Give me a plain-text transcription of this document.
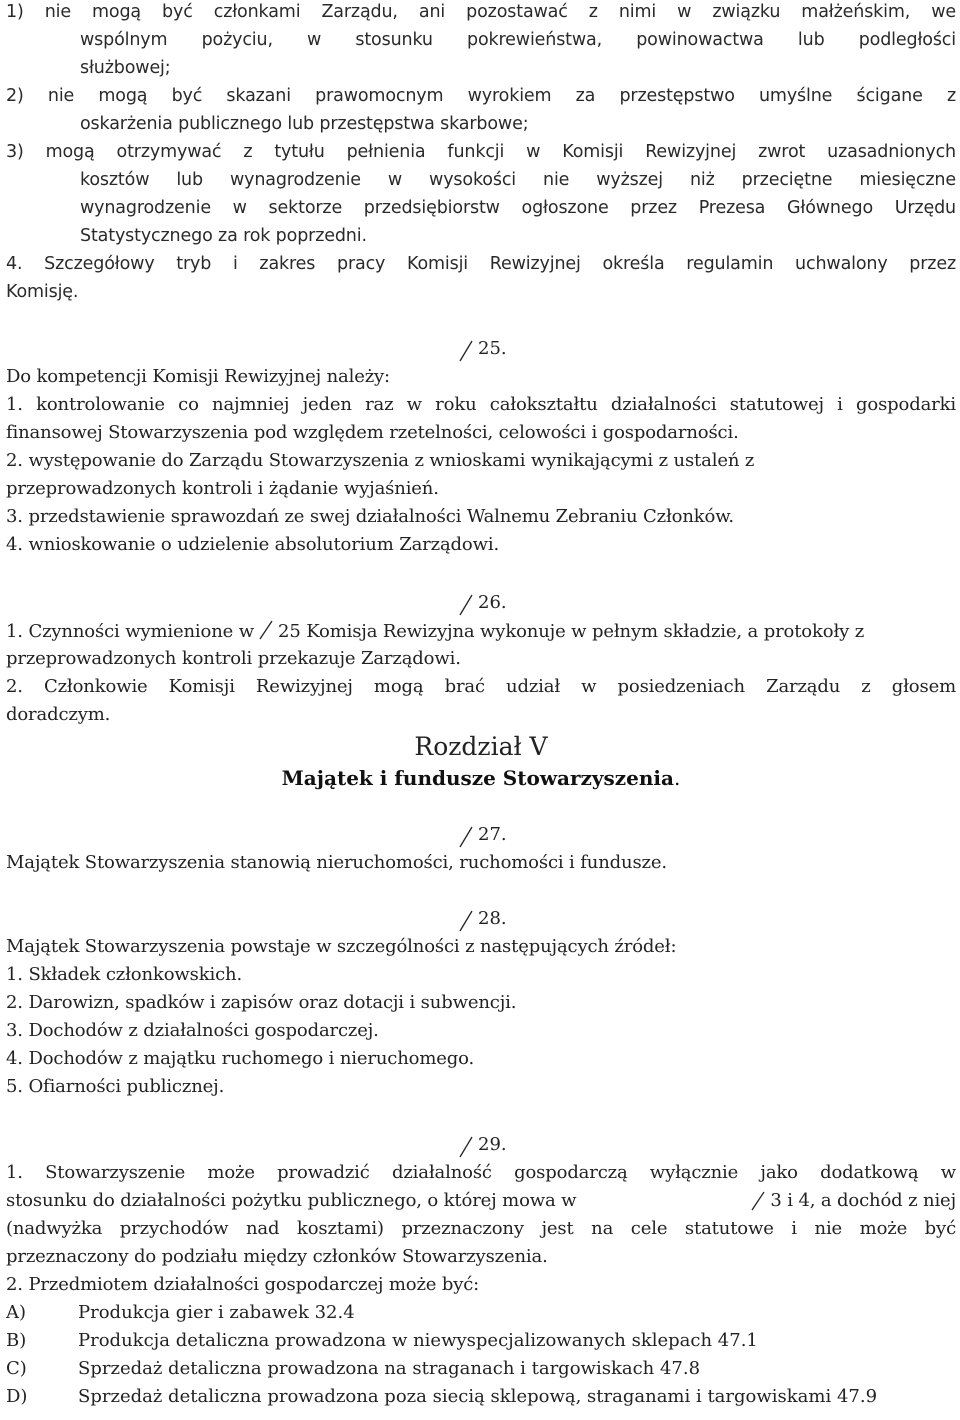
1) nie mogą być członkami Zarządu, ani pozostawać z nimi w związku małżeńskim, we
wspólnym pożyciu, w stosunku pokrewieństwa, powinowactwa lub podległości
służbowej;
2) nie mogą być skazani prawomocnym wyrokiem za przestępstwo umyślne ścigane z
oskarżenia publicznego lub przestępstwa skarbowe;
3) mogą otrzymywać z tytułu pełnienia funkcji w Komisji Rewizyjnej zwrot uzasadnionych
kosztów lub wynagrodzenie w wysokości nie wyższej niż przeciętne miesięczne
wynagrodzenie w sektorze przedsiębiorstw ogłoszone przez Prezesa Głównego Urzędu
Statystycznego za rok poprzedni.
4. Szczegółowy tryb i zakres pracy Komisji Rewizyjnej określa regulamin uchwalony przez
Komisję.
25.
Do kompetencji Komisji Rewizyjnej należy:
1. kontrolowanie co najmniej jeden raz w roku całokształtu działalności statutowej i gospodarki
finansowej Stowarzyszenia pod względem rzetelności, celowości i gospodarności.
2. występowanie do Zarządu Stowarzyszenia z wnioskami wynikającymi z ustaleń z
przeprowadzonych kontroli i żądanie wyjaśnień.
3. przedstawienie sprawozdań ze swej działalności Walnemu Zebraniu Członków.
4. wnioskowanie o udzielenie absolutorium Zarządowi.
26.
1. Czynności wymienione w 25 Komisja Rewizyjna wykonuje w pełnym składzie, a protokoły z
przeprowadzonych kontroli przekazuje Zarządowi.
2. Członkowie Komisji Rewizyjnej mogą brać udział w posiedzeniach Zarządu z głosem
doradczym.
Rozdział V
Majątek i fundusze Stowarzyszenia.
27.
Majątek Stowarzyszenia stanowią nieruchomości, ruchomości i fundusze.
28.
Majątek Stowarzyszenia powstaje w szczególności z następujących źródeł:
1. Składek członkowskich.
2. Darowizn, spadków i zapisów oraz dotacji i subwencji.
3. Dochodów z działalności gospodarczej.
4. Dochodów z majątku ruchomego i nieruchomego.
5. Ofiarności publicznej.
29.
1. Stowarzyszenie może prowadzić działalność gospodarczą wyłącznie jako dodatkową w
stosunku do działalności pożytku publicznego, o której mowa w	3 i 4, a dochód z niej
(nadwyżka przychodów nad kosztami) przeznaczony jest na cele statutowe i nie może być
przeznaczony do podziału między członków Stowarzyszenia.
2. Przedmiotem działalności gospodarczej może być:
A)	Produkcja gier i zabawek 32.4
B)	Produkcja detaliczna prowadzona w niewyspecjalizowanych sklepach 47.1
C)	Sprzedaż detaliczna prowadzona na straganach i targowiskach 47.8
D)	Sprzedaż detaliczna prowadzona poza siecią sklepową, straganami i targowiskami 47.9
